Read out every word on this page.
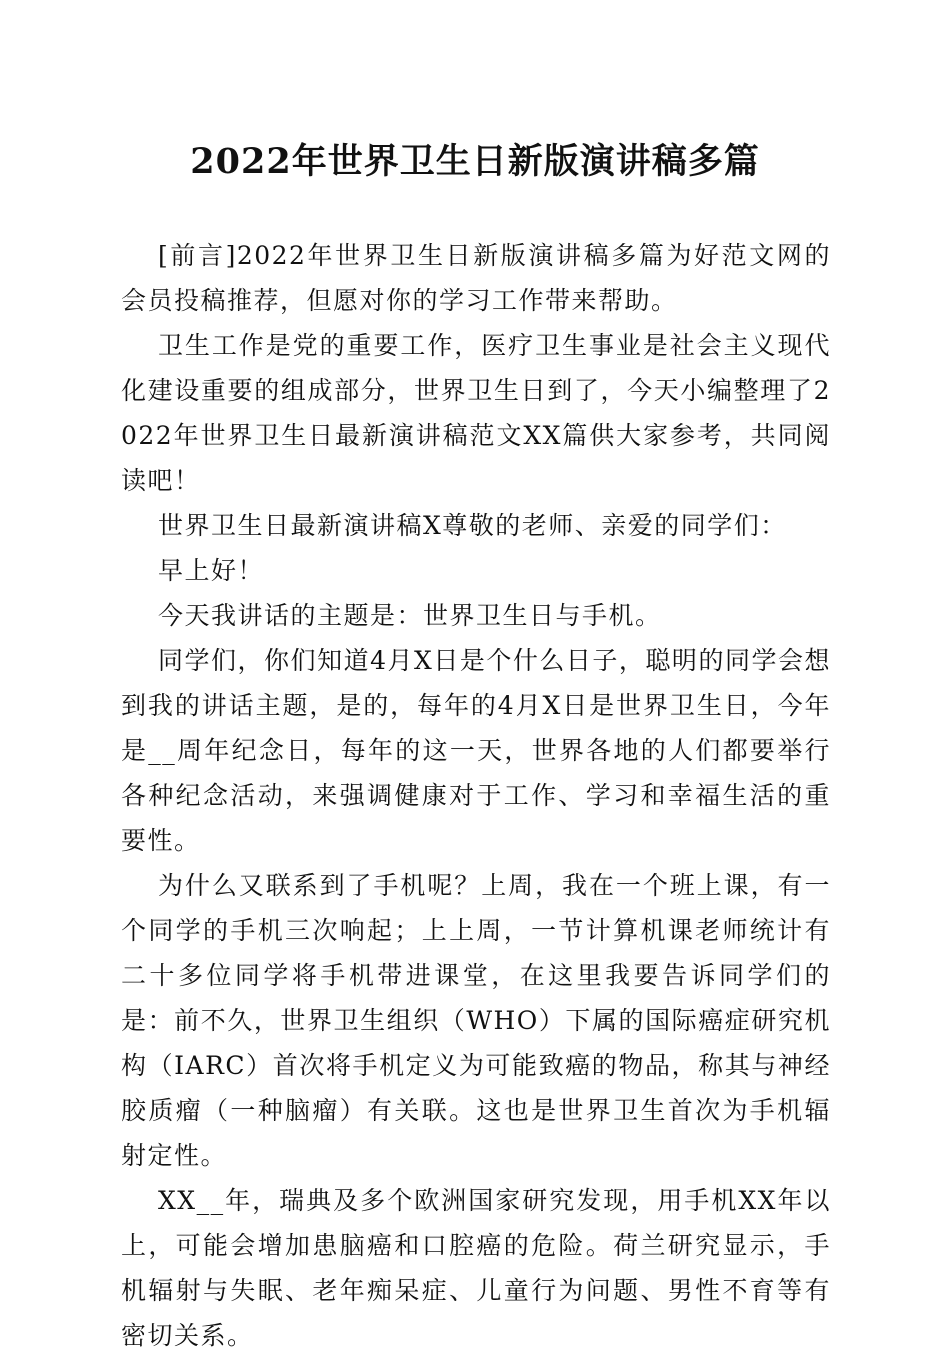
2022年世界卫生日新版演讲稿多篇

[前言]2022年世界卫生日新版演讲稿多篇为好范文网的会员投稿推荐，但愿对你的学习工作带来帮助。

卫生工作是党的重要工作，医疗卫生事业是社会主义现代化建设重要的组成部分，世界卫生日到了，今天小编整理了2022年世界卫生日最新演讲稿范文XX篇供大家参考，共同阅读吧！

世界卫生日最新演讲稿X尊敬的老师、亲爱的同学们：

早上好！

今天我讲话的主题是：世界卫生日与手机。

同学们，你们知道4月X日是个什么日子，聪明的同学会想到我的讲话主题，是的，每年的4月X日是世界卫生日，今年是__周年纪念日，每年的这一天，世界各地的人们都要举行各种纪念活动，来强调健康对于工作、学习和幸福生活的重要性。

为什么又联系到了手机呢？上周，我在一个班上课，有一个同学的手机三次响起；上上周，一节计算机课老师统计有二十多位同学将手机带进课堂，在这里我要告诉同学们的是：前不久，世界卫生组织（WHO）下属的国际癌症研究机构（IARC）首次将手机定义为可能致癌的物品，称其与神经胶质瘤（一种脑瘤）有关联。这也是世界卫生首次为手机辐射定性。

XX__年，瑞典及多个欧洲国家研究发现，用手机XX年以上，可能会增加患脑癌和口腔癌的危险。荷兰研究显示，手机辐射与失眠、老年痴呆症、儿童行为问题、男性不育等有密切关系。
